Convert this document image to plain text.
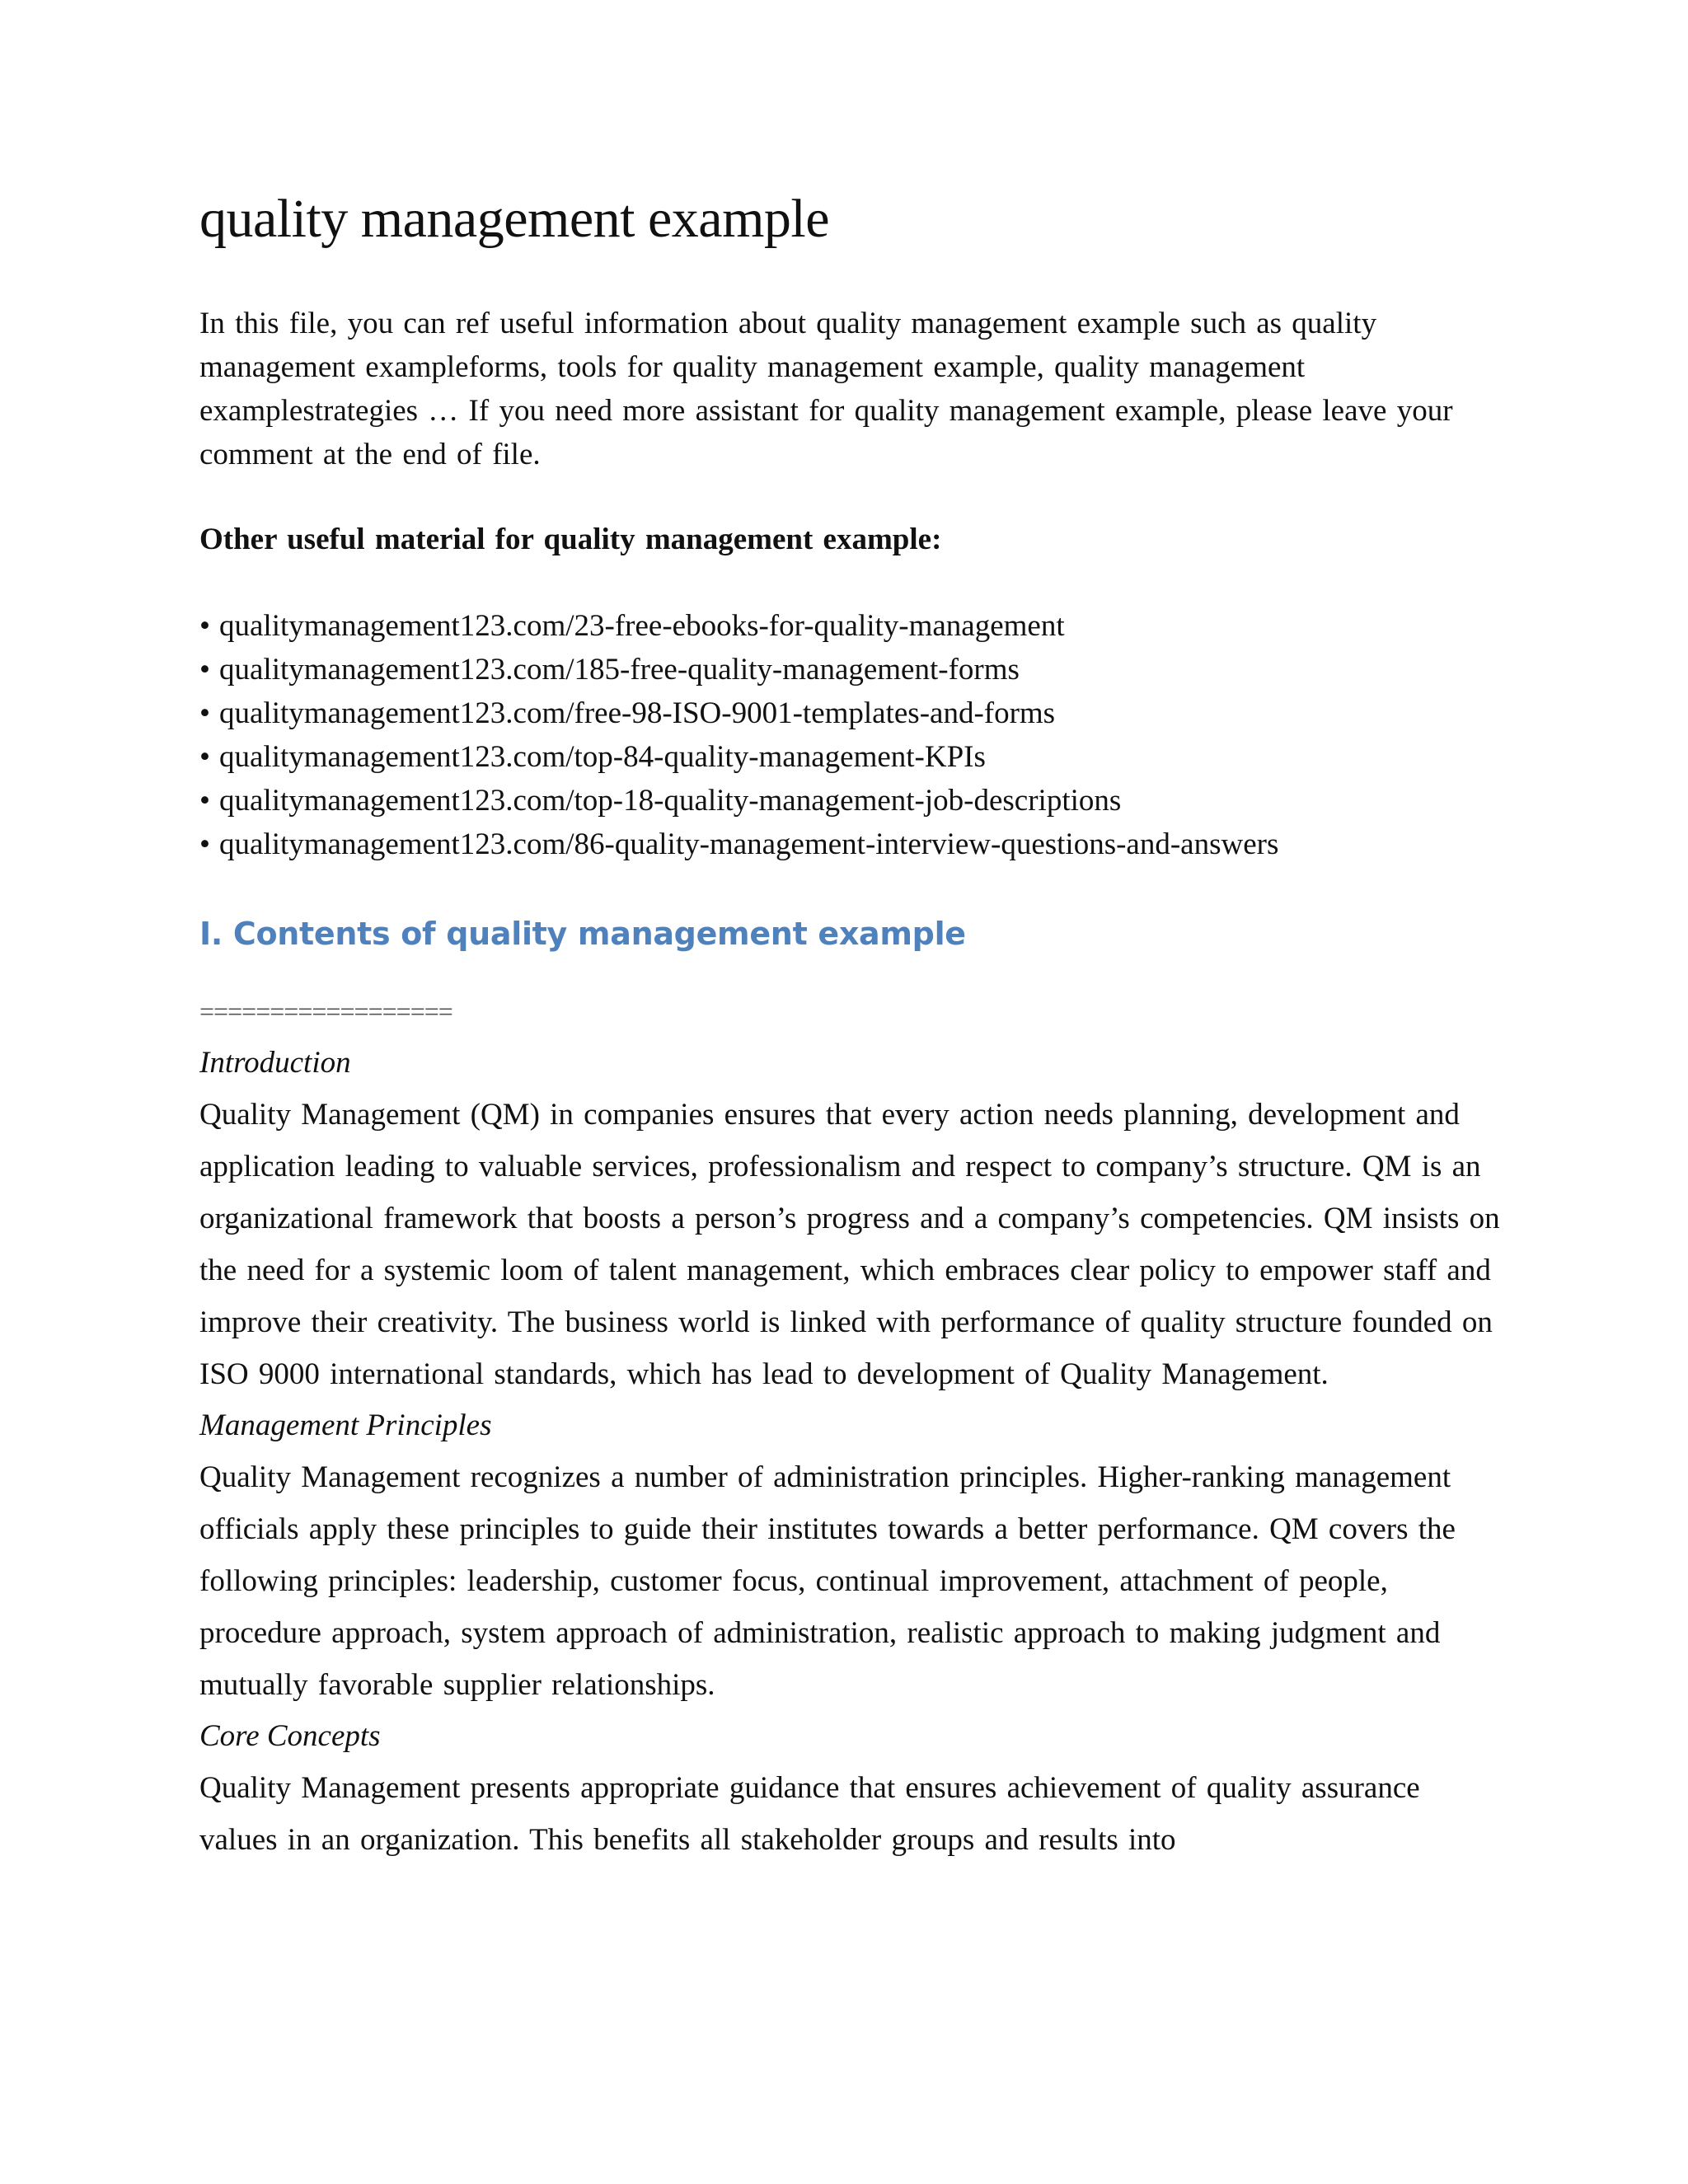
quality management example

In this file, you can ref useful information about quality management example such as quality management exampleforms, tools for quality management example, quality management examplestrategies … If you need more assistant for quality management example, please leave your comment at the end of file.

Other useful material for quality management example:

• qualitymanagement123.com/23-free-ebooks-for-quality-management
• qualitymanagement123.com/185-free-quality-management-forms
• qualitymanagement123.com/free-98-ISO-9001-templates-and-forms
• qualitymanagement123.com/top-84-quality-management-KPIs
• qualitymanagement123.com/top-18-quality-management-job-descriptions
• qualitymanagement123.com/86-quality-management-interview-questions-and-answers
I. Contents of quality management example
==================
Introduction

Quality Management (QM) in companies ensures that every action needs planning, development and application leading to valuable services, professionalism and respect to company’s structure. QM is an organizational framework that boosts a person’s progress and a company’s competencies. QM insists on the need for a systemic loom of talent management, which embraces clear policy to empower staff and improve their creativity. The business world is linked with performance of quality structure founded on ISO 9000 international standards, which has lead to development of Quality Management.

Management Principles

Quality Management recognizes a number of administration principles. Higher-ranking management officials apply these principles to guide their institutes towards a better performance. QM covers the following principles: leadership, customer focus, continual improvement, attachment of people, procedure approach, system approach of administration, realistic approach to making judgment and mutually favorable supplier relationships.

Core Concepts

Quality Management presents appropriate guidance that ensures achievement of quality assurance values in an organization. This benefits all stakeholder groups and results into
